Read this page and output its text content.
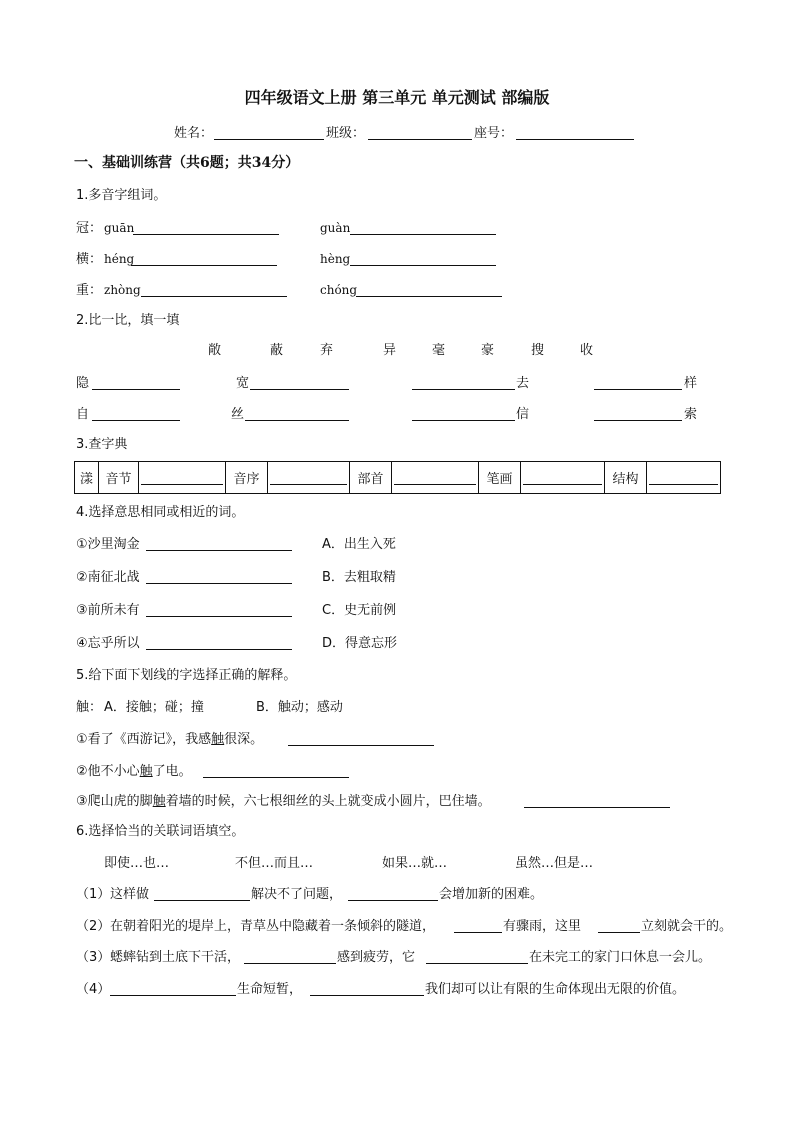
四年级语文上册 第三单元 单元测试 部编版
姓名：	班级：	座号：
一、基础训练营（共6题；共34分）
1.多音字组词。
冠： guān	guàn
横： héng	hèng
重： zhòng	chóng
2.比一比，填一填
敞	蔽	弃	异	毫	豪	搜	收
隐	宽	去	样
自	丝	信	索
3.查字典
漾	音节		音序		部首		笔画		结构	
4.选择意思相同或相近的词。
①沙里淘金	A．出生入死
②南征北战	B．去粗取精
③前所未有	C．史无前例
④忘乎所以	D．得意忘形
5.给下面下划线的字选择正确的解释。
触： A．接触；碰；撞	B．触动；感动
①看了《西游记》，我感触很深。
②他不小心触了电。
③爬山虎的脚触着墙的时候，六七根细丝的头上就变成小圆片，巴住墙。
6.选择恰当的关联词语填空。
即使…也…	不但…而且…	如果…就…	虽然…但是…
（1） 这样做	解决不了问题，	会增加新的困难。
（2） 在朝着阳光的堤岸上，青草丛中隐藏着一条倾斜的隧道，	有骤雨，这里	立刻就会干的。
（3） 蟋蟀钻到土底下干活，	感到疲劳，它	在未完工的家门口休息一会儿。
（4）	生命短暂，	我们却可以让有限的生命体现出无限的价值。
